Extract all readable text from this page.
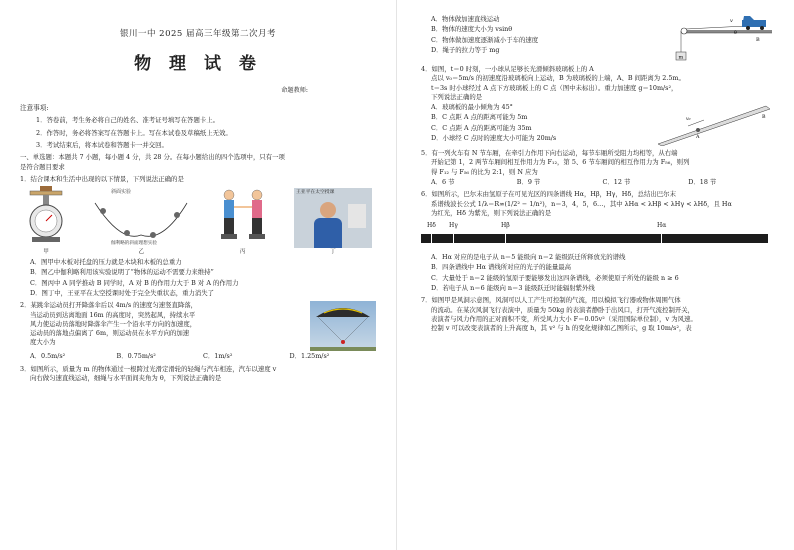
银川一中 2025 届高三年级第二次月考
物 理 试 卷
命题教师:
注意事项:
1．答卷前，考生务必将自己的姓名、准考证号填写在答题卡上。
2．作答时，务必将答案写在答题卡上。写在本试卷及草稿纸上无效。
3．考试结束后，将本试卷和答题卡一并交回。
一、单选题：本题共 7 小题，每小题 4 分，共 28 分。在每小题给出的四个选项中，只有一项
是符合题目要求
1．结合课本和生活中出现的以下情景，下列说法正确的是
甲
斜面实验
伽利略的斜面理想实验
乙	丙
王亚平在太空授课
丁
A．图甲中木板对托盘的压力就是木块和木板的总重力
B．图乙中伽利略利用该实验说明了“物体的运动不需要力来维持”
C．图丙中 A 同学推动 B 同学时，A 对 B 的作用力大于 B 对 A 的作用力
D．图丁中，王亚平在太空授课时处于完全失重状态，重力消失了
2．某跳伞运动员打开降落伞后以 4m/s 的速度匀速竖直降落，
当运动员到达离地面 16m 的高度时，突然起风，持续水平
风力使运动员落地时降落伞产生一个沿水平方向的加速度，
运动员的落地点偏离了 6m，则运动员在水平方向的加速
度大小为
A．0.5m/s²	B．0.75m/s²	C．1m/s²	D．1.25m/s²
3．如图所示，质量为 m 的物体通过一根跨过光滑定滑轮的轻绳与汽车相连，汽车以速度 v
向右做匀速直线运动，细绳与水平面间夹角为 θ，下列说法正确的是
A．物体做加速直线运动
B．物体的速度大小为 vsinθ
C．物体做加速度逐渐减小于车的速度
D．绳子的拉力等于 mg
m
v
θ
B
4．如图，t＝0 时刻，一小球从足够长光滑倾斜玻璃板上的 A
点以 v₀＝5m/s 的初速度沿玻璃板向上运动，B 为玻璃板的上端，A、B 间距离为 2.5m。
t＝3s 时小球经过 A 点下方玻璃板上的 C 点（图中未标出）。重力加速度 g＝10m/s²，
下列说法正确的是
A．玻璃板的最小倾角为 45°
B．C 点距 A 点的距离可能为 5m
C．C 点距 A 点的距离可能为 35m
D．小球经 C 点时的速度大小可能为 20m/s
v₀
A
B
5．有一列火车有 N 节车厢，在牵引力作用下向右运动，每节车厢所受阻力均相等，从右端
开始记第 1，2 两节车厢间相互作用力为 F₁₂，第 5、6 节车厢间的相互作用力为 F₅₆，则列
得 F₁₂ 与 F₅₆ 的比为 2:1，则 N 应为
A．6 节	B．9 节	C．12 节	D．18 节
6．如图所示，巴尔末由氢原子在可见光区的四条谱线 Hα，Hβ，Hγ，Hδ，总结出巴尔末
系谱线波长公式 1/λ＝R∞(1/2² − 1/n²)，n＝3，4，5，6…，其中 λHα < λHβ < λHγ < λHδ，且 Hα
为红光，Hδ 为紫光，则下列说法正确的是
Hδ Hγ	Hβ	Hα
A．Hα 对应的是电子从 n＝5 能级向 n＝2 能级跃迁所释放光的谱线
B．四条谱线中 Hα 谱线所对应的光子的能量最高
C．大量处于 n＝2 能级的氢原子要能够发出这四条谱线，必须使原子所处的能级 n ≥ 6
D．若电子从 n＝6 能级向 n＝3 能级跃迁时能辐射紫外线
7．如图甲是风洞示意图，风洞可以人工产生可控制的气流，用以模拟飞行器或物体周围气体
的流动。在某次风洞飞行表演中，质量为 50kg 的表演者静卧于出风口，打开气流控制开关，
表演者与风力作用的正对面积不变，所受风力大小 F＝0.05v²（采用国际单位制），v 为风速。
控制 v 可以改变表演者的上升高度 h，其 v² 与 h 的变化规律如乙图所示，g 取 10m/s²，表
